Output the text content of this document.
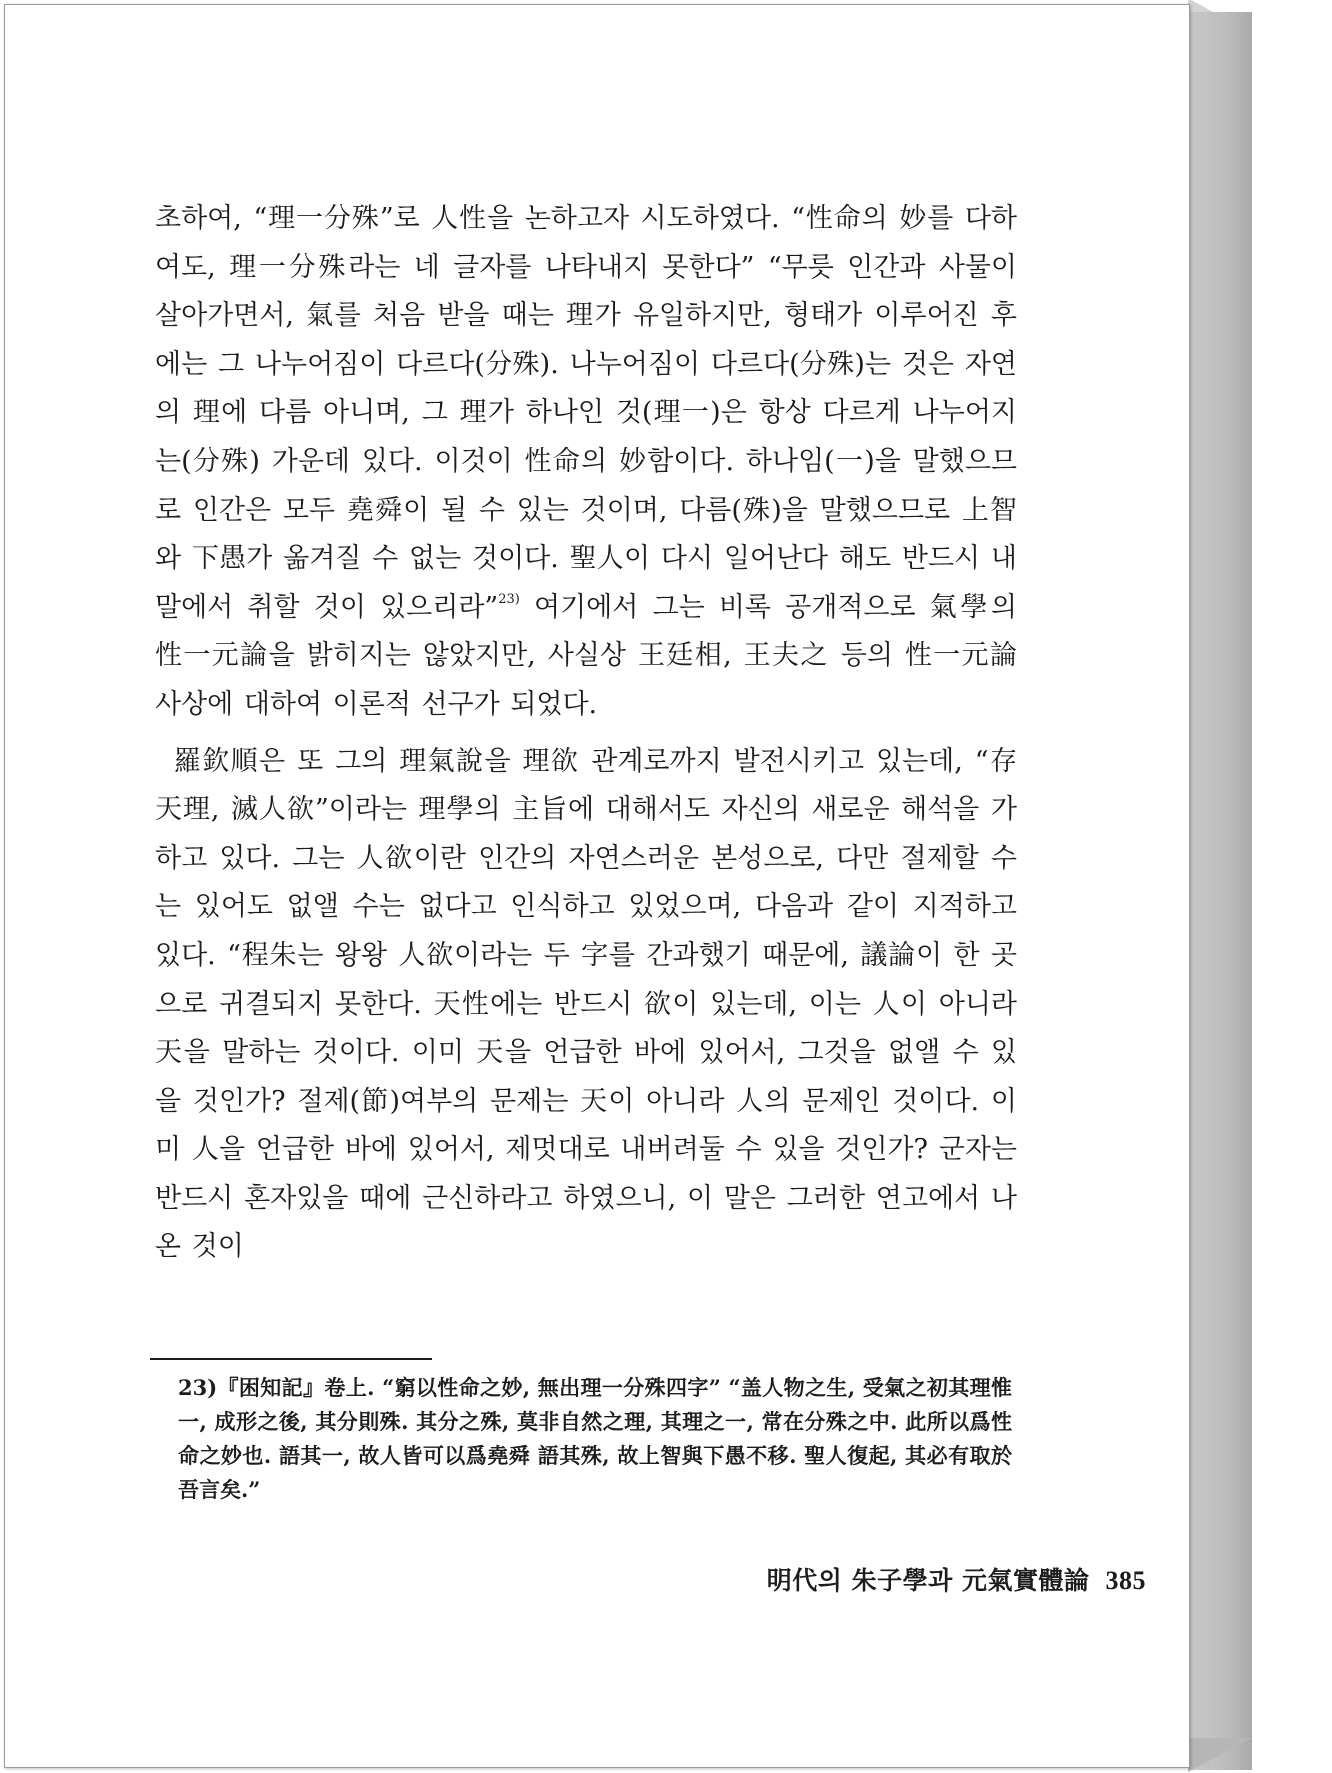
초하여, “理一分殊”로 人性을 논하고자 시도하였다. “性命의 妙를 다하여도, 理一分殊라는 네 글자를 나타내지 못한다” “무릇 인간과 사물이 살아가면서, 氣를 처음 받을 때는 理가 유일하지만, 형태가 이루어진 후에는 그 나누어짐이 다르다(分殊). 나누어짐이 다르다(分殊)는 것은 자연의 理에 다름 아니며, 그 理가 하나인 것(理一)은 항상 다르게 나누어지는(分殊) 가운데 있다. 이것이 性命의 妙함이다. 하나임(一)을 말했으므로 인간은 모두 堯舜이 될 수 있는 것이며, 다름(殊)을 말했으므로 上智와 下愚가 옮겨질 수 없는 것이다. 聖人이 다시 일어난다 해도 반드시 내 말에서 취할 것이 있으리라”$^{23)}$ 여기에서 그는 비록 공개적으로 氣學의 性一元論을 밝히지는 않았지만, 사실상 王廷相, 王夫之 등의 性一元論 사상에 대하여 이론적 선구가 되었다.

羅欽順은 또 그의 理氣說을 理欲 관계로까지 발전시키고 있는데, “存天理, 滅人欲”이라는 理學의 主旨에 대해서도 자신의 새로운 해석을 가하고 있다. 그는 人欲이란 인간의 자연스러운 본성으로, 다만 절제할 수는 있어도 없앨 수는 없다고 인식하고 있었으며, 다음과 같이 지적하고 있다. “程朱는 왕왕 人欲이라는 두 字를 간과했기 때문에, 議論이 한 곳으로 귀결되지 못한다. 天性에는 반드시 欲이 있는데, 이는 人이 아니라 天을 말하는 것이다. 이미 天을 언급한 바에 있어서, 그것을 없앨 수 있을 것인가? 절제(節)여부의 문제는 天이 아니라 人의 문제인 것이다. 이미 人을 언급한 바에 있어서, 제멋대로 내버려둘 수 있을 것인가? 군자는 반드시 혼자있을 때에 근신하라고 하였으니, 이 말은 그러한 연고에서 나온 것이

23)『困知記』卷上. “窮以性命之妙, 無出理一分殊四字” “盖人物之生, 受氣之初其理惟一, 成形之後, 其分則殊. 其分之殊, 莫非自然之理, 其理之一, 常在分殊之中. 此所以爲性命之妙也. 語其一, 故人皆可以爲堯舜 語其殊, 故上智與下愚不移. 聖人復起, 其必有取於吾言矣.”
明代의 朱子學과 元氣實體論 385
